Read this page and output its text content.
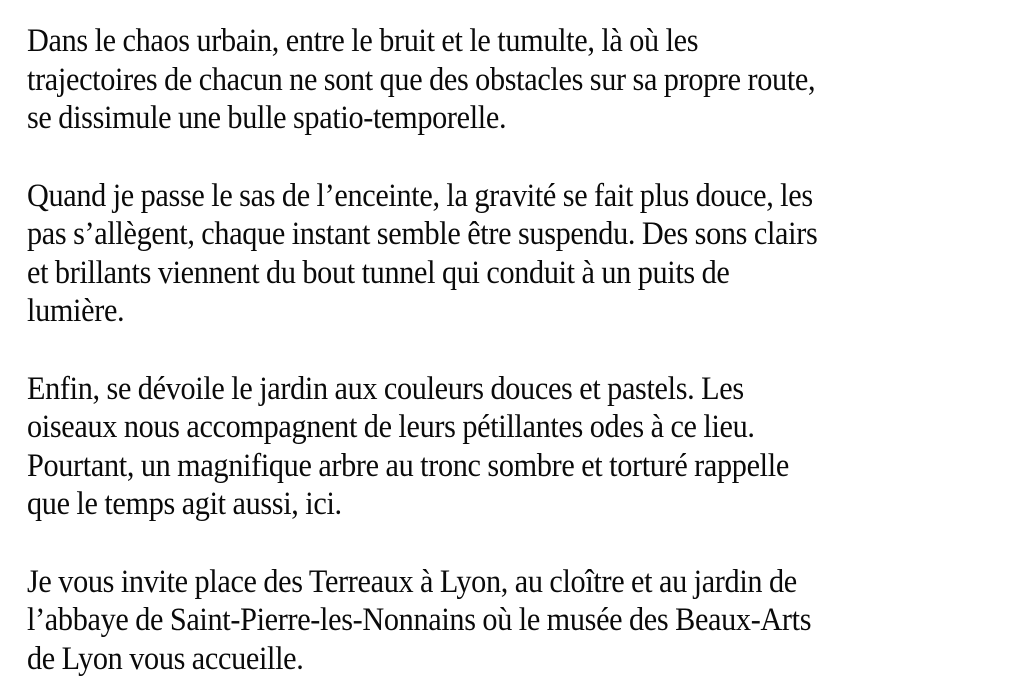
Dans le chaos urbain, entre le bruit et le tumulte, là où les
trajectoires de chacun ne sont que des obstacles sur sa propre route,
se dissimule une bulle spatio-temporelle.

Quand je passe le sas de l’enceinte, la gravité se fait plus douce, les
pas s’allègent, chaque instant semble être suspendu. Des sons clairs
et brillants viennent du bout tunnel qui conduit à un puits de
lumière.

Enfin, se dévoile le jardin aux couleurs douces et pastels. Les
oiseaux nous accompagnent de leurs pétillantes odes à ce lieu.
Pourtant, un magnifique arbre au tronc sombre et torturé rappelle
que le temps agit aussi, ici.

Je vous invite place des Terreaux à Lyon, au cloître et au jardin de
l’abbaye de Saint-Pierre-les-Nonnains où le musée des Beaux-Arts
de Lyon vous accueille.
